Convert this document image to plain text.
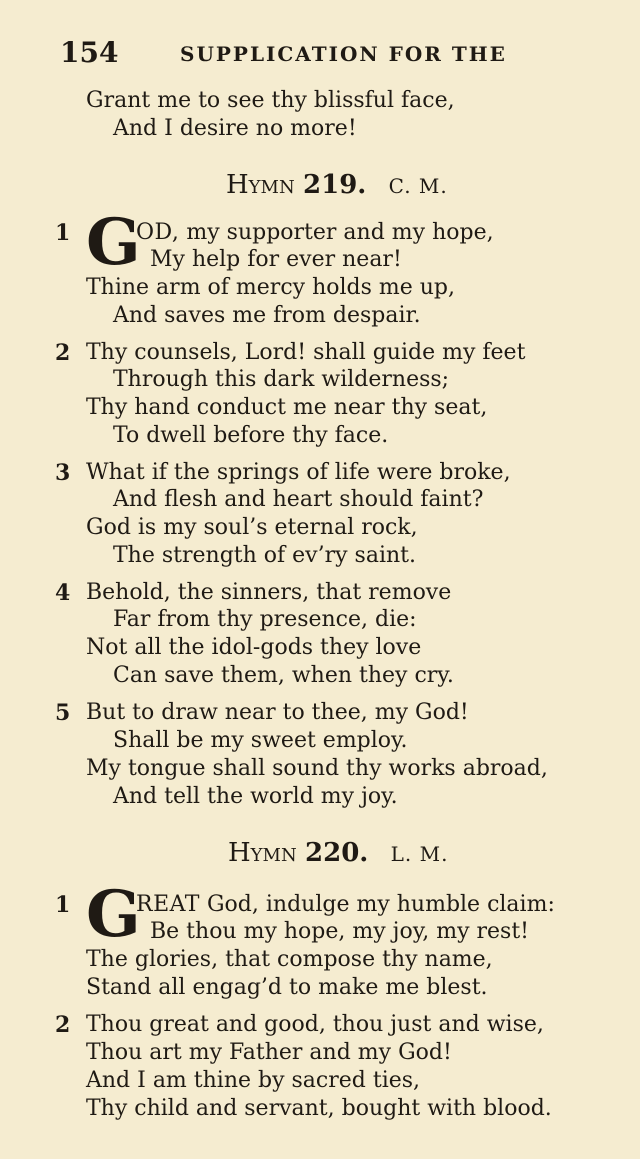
154	SUPPLICATION FOR THE
Grant me to see thy blissful face,
And I desire no more!
Hymn 219. C. M.
1 G
OD, my supporter and my hope,
My help for ever near!
Thine arm of mercy holds me up,
And saves me from despair.
2 Thy counsels, Lord! shall guide my feet
Through this dark wilderness;
Thy hand conduct me near thy seat,
To dwell before thy face.
3 What if the springs of life were broke,
And flesh and heart should faint?
God is my soul’s eternal rock,
The strength of ev’ry saint.
4 Behold, the sinners, that remove
Far from thy presence, die:
Not all the idol-gods they love
Can save them, when they cry.
5 But to draw near to thee, my God!
Shall be my sweet employ.
My tongue shall sound thy works abroad,
And tell the world my joy.
Hymn 220. L. M.
1 G
REAT God, indulge my humble claim:
Be thou my hope, my joy, my rest!
The glories, that compose thy name,
Stand all engag’d to make me blest.
2 Thou great and good, thou just and wise,
Thou art my Father and my God!
And I am thine by sacred ties,
Thy child and servant, bought with blood.
